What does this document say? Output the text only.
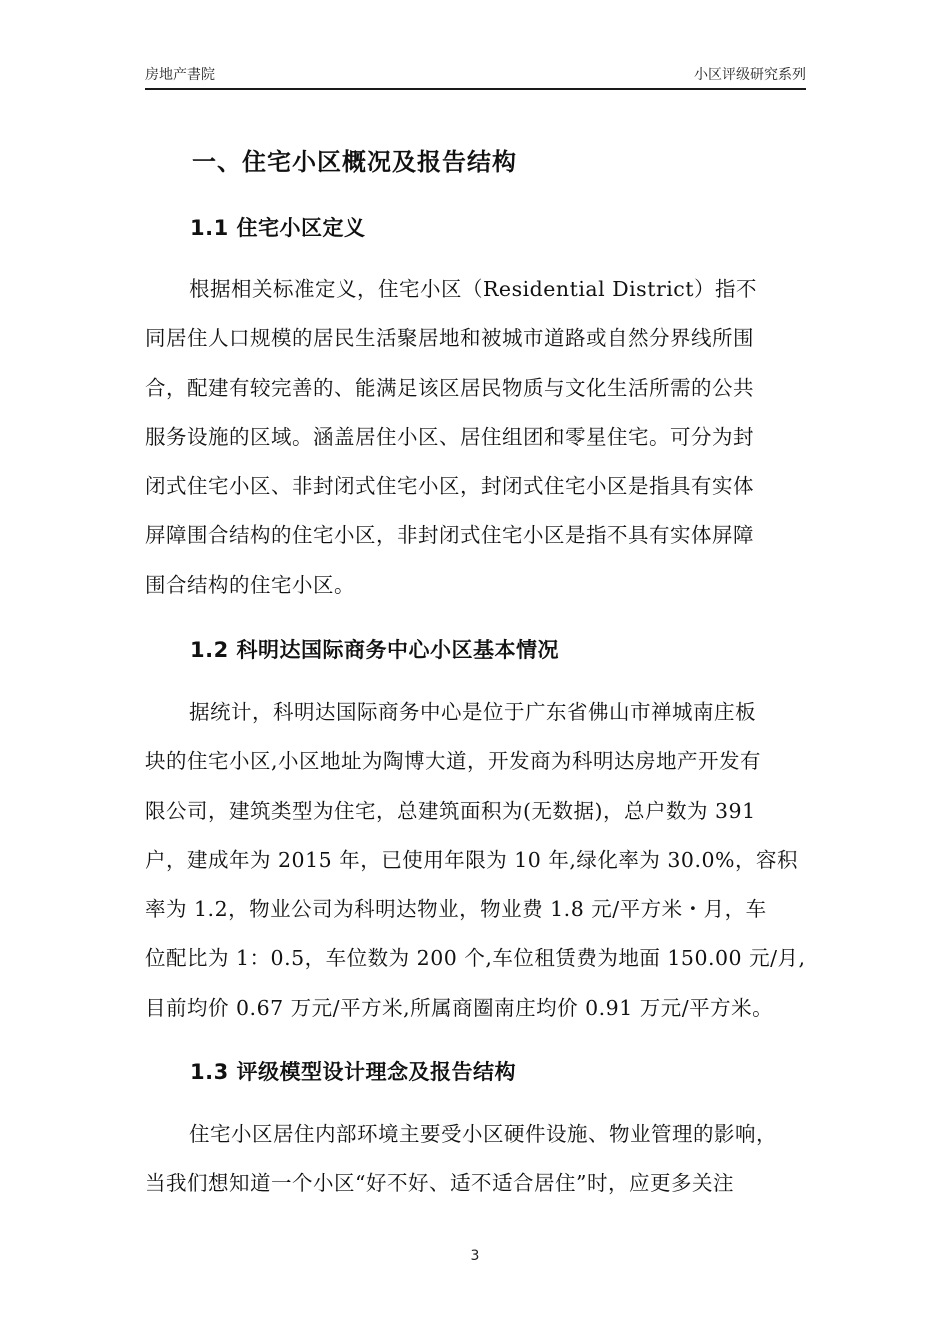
房地产書院	小区评级研究系列
一、住宅小区概况及报告结构
1.1 住宅小区定义
根据相关标准定义，住宅小区（Residential District）指不
同居住人口规模的居民生活聚居地和被城市道路或自然分界线所围
合，配建有较完善的、能满足该区居民物质与文化生活所需的公共
服务设施的区域。涵盖居住小区、居住组团和零星住宅。可分为封
闭式住宅小区、非封闭式住宅小区，封闭式住宅小区是指具有实体
屏障围合结构的住宅小区，非封闭式住宅小区是指不具有实体屏障
围合结构的住宅小区。
1.2 科明达国际商务中心小区基本情况
据统计，科明达国际商务中心是位于广东省佛山市禅城南庄板
块的住宅小区,小区地址为陶博大道，开发商为科明达房地产开发有
限公司，建筑类型为住宅，总建筑面积为(无数据)，总户数为 391
户，建成年为 2015 年，已使用年限为 10 年,绿化率为 30.0%，容积
率为 1.2，物业公司为科明达物业，物业费 1.8 元/平方米・月，车
位配比为 1：0.5，车位数为 200 个,车位租赁费为地面 150.00 元/月,
目前均价 0.67 万元/平方米,所属商圈南庄均价 0.91 万元/平方米。
1.3 评级模型设计理念及报告结构
住宅小区居住内部环境主要受小区硬件设施、物业管理的影响，
当我们想知道一个小区“好不好、适不适合居住”时，应更多关注
3
